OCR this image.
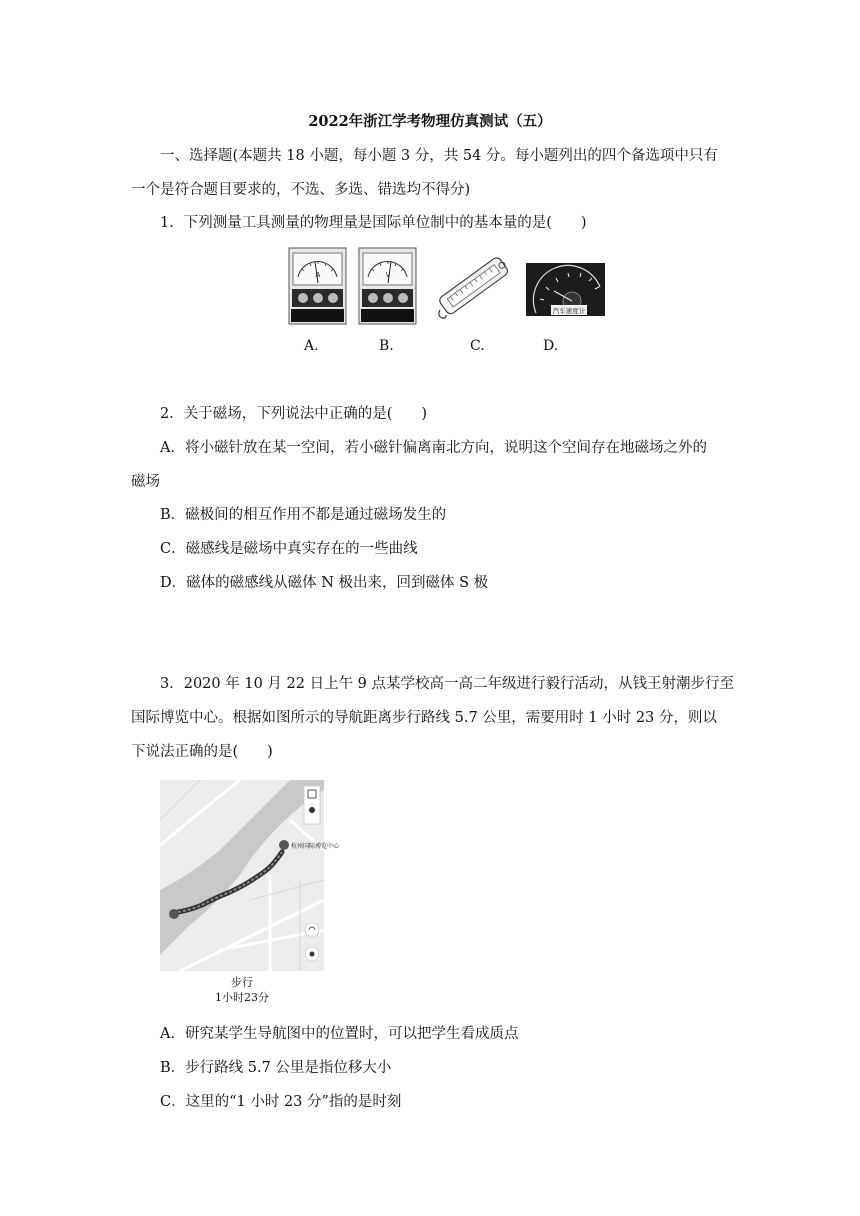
2022年浙江学考物理仿真测试（五）
一、选择题(本题共 18 小题，每小题 3 分，共 54 分。每小题列出的四个备选项中只有
一个是符合题目要求的，不选、多选、错选均不得分)
1．下列测量工具测量的物理量是国际单位制中的基本量的是(　　)
A	V
汽车速度计
A.	B.	C.	D.
2．关于磁场，下列说法中正确的是(　　)
A．将小磁针放在某一空间，若小磁针偏离南北方向，说明这个空间存在地磁场之外的
磁场
B．磁极间的相互作用不都是通过磁场发生的
C．磁感线是磁场中真实存在的一些曲线
D．磁体的磁感线从磁体 N 极出来，回到磁体 S 极
3．2020 年 10 月 22 日上午 9 点某学校高一高二年级进行毅行活动，从钱王射潮步行至
国际博览中心。根据如图所示的导航距离步行路线 5.7 公里，需要用时 1 小时 23 分，则以
下说法正确的是(　　)
杭州国际博览中心
步行
1小时23分
A．研究某学生导航图中的位置时，可以把学生看成质点
B．步行路线 5.7 公里是指位移大小
C．这里的“1 小时 23 分”指的是时刻
